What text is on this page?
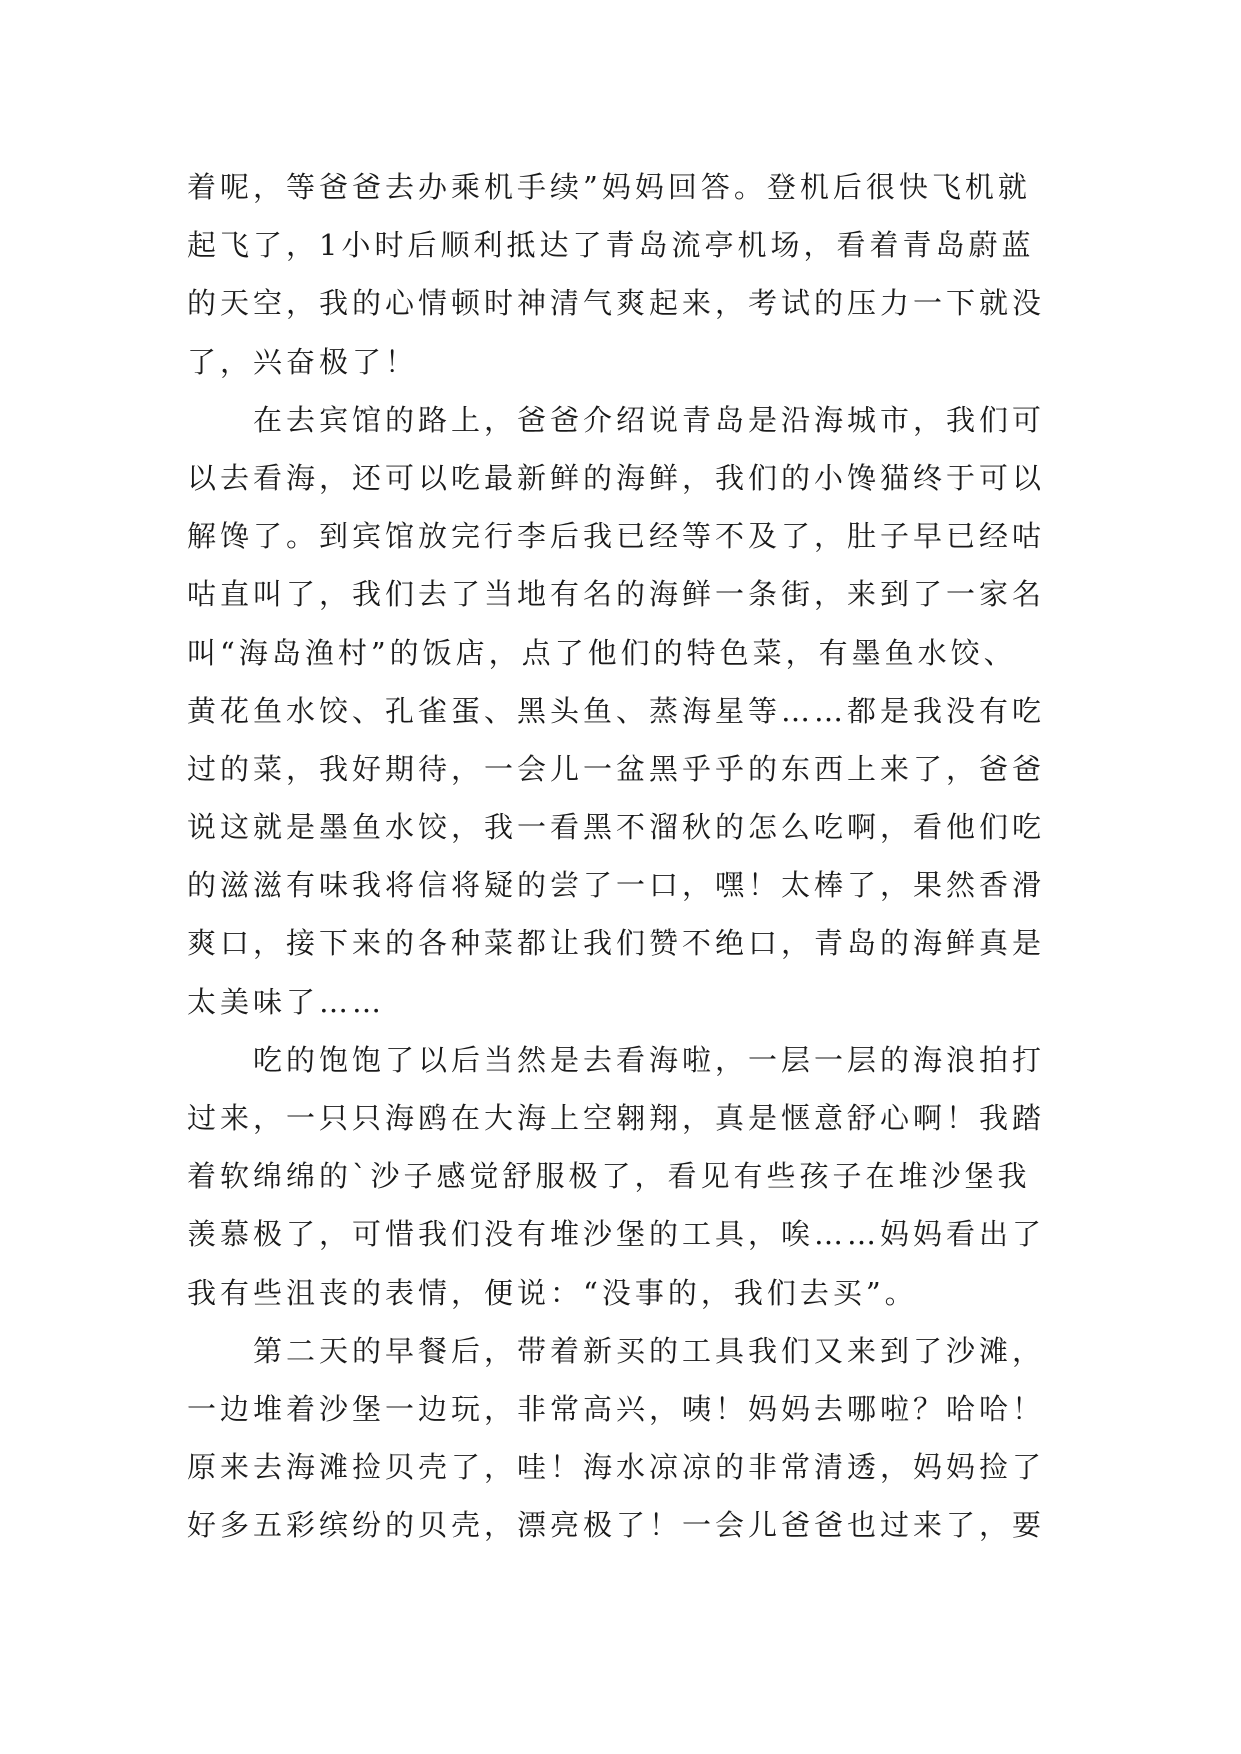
着呢，等爸爸去办乘机手续”妈妈回答。登机后很快飞机就
起飞了，1小时后顺利抵达了青岛流亭机场，看着青岛蔚蓝
的天空，我的心情顿时神清气爽起来，考试的压力一下就没
了，兴奋极了！
在去宾馆的路上，爸爸介绍说青岛是沿海城市，我们可
以去看海，还可以吃最新鲜的海鲜，我们的小馋猫终于可以
解馋了。到宾馆放完行李后我已经等不及了，肚子早已经咕
咕直叫了，我们去了当地有名的海鲜一条街，来到了一家名
叫“海岛渔村”的饭店，点了他们的特色菜，有墨鱼水饺、
黄花鱼水饺、孔雀蛋、黑头鱼、蒸海星等……都是我没有吃
过的菜，我好期待，一会儿一盆黑乎乎的东西上来了，爸爸
说这就是墨鱼水饺，我一看黑不溜秋的怎么吃啊，看他们吃
的滋滋有味我将信将疑的尝了一口，嘿！太棒了，果然香滑
爽口，接下来的各种菜都让我们赞不绝口，青岛的海鲜真是
太美味了……
吃的饱饱了以后当然是去看海啦，一层一层的海浪拍打
过来，一只只海鸥在大海上空翱翔，真是惬意舒心啊！我踏
着软绵绵的`沙子感觉舒服极了，看见有些孩子在堆沙堡我
羡慕极了，可惜我们没有堆沙堡的工具，唉……妈妈看出了
我有些沮丧的表情，便说：“没事的，我们去买”。
第二天的早餐后，带着新买的工具我们又来到了沙滩，
一边堆着沙堡一边玩，非常高兴，咦！妈妈去哪啦？哈哈！
原来去海滩捡贝壳了，哇！海水凉凉的非常清透，妈妈捡了
好多五彩缤纷的贝壳，漂亮极了！一会儿爸爸也过来了，要
